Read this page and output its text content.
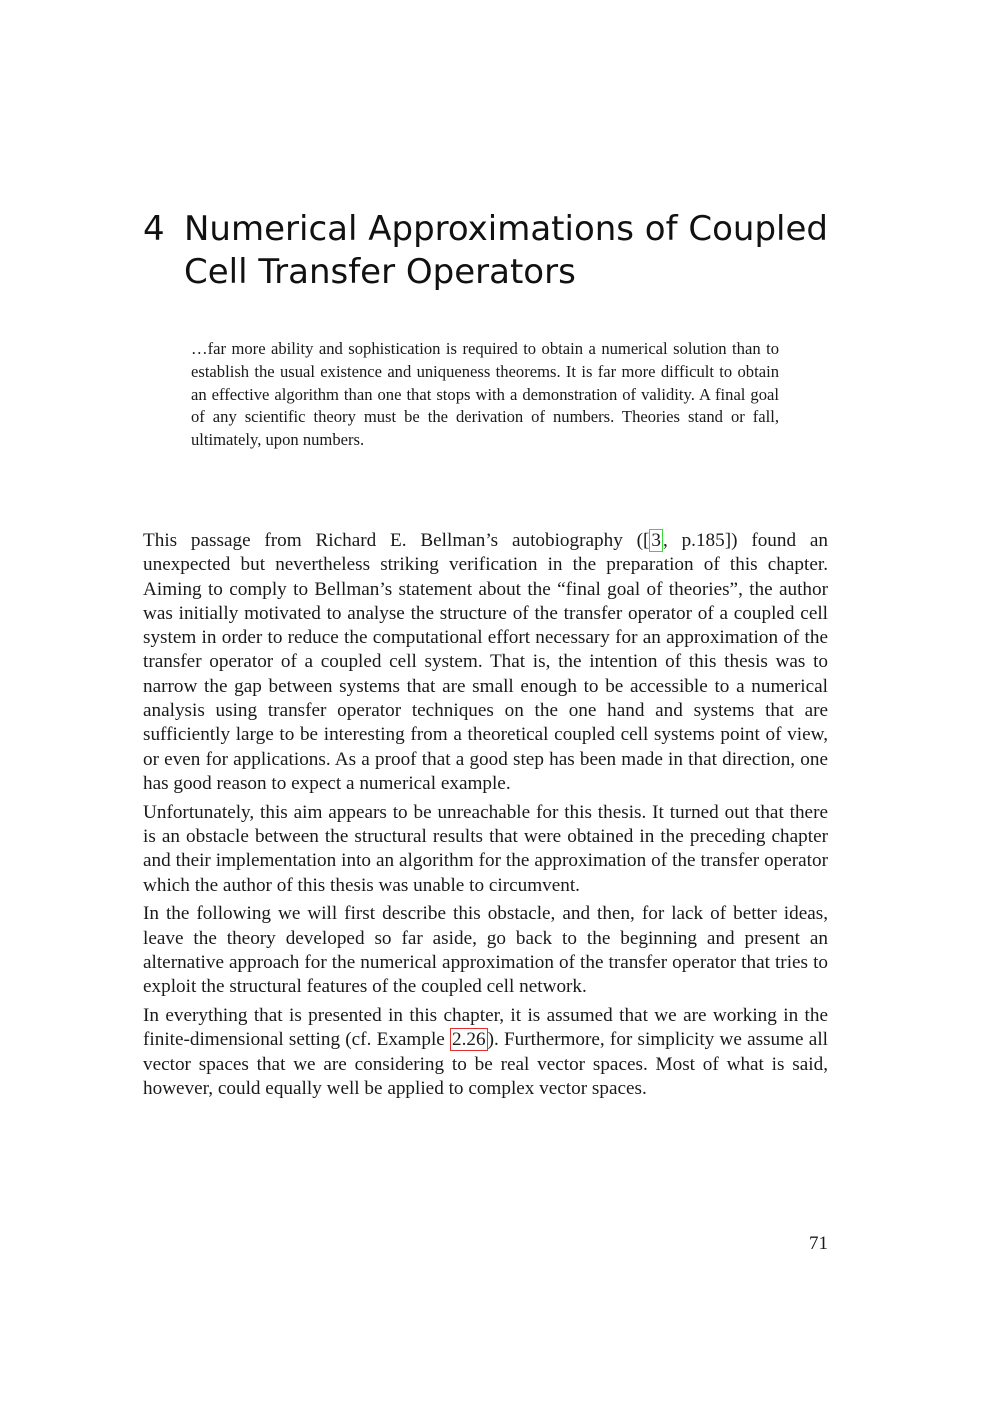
4 Numerical Approximations of Coupled Cell Transfer Operators
…far more ability and sophistication is required to obtain a numerical solution than to establish the usual existence and uniqueness theorems. It is far more difficult to obtain an effective algorithm than one that stops with a demonstration of validity. A final goal of any scientific theory must be the derivation of numbers. Theories stand or fall, ultimately, upon numbers.

This passage from Richard E. Bellman’s autobiography ([ 3 , p.185]) found an unexpected but nevertheless striking verification in the preparation of this chapter. Aiming to comply to Bellman’s statement about the “final goal of theories”, the author was initially motivated to analyse the structure of the transfer operator of a coupled cell system in order to reduce the computational effort necessary for an approximation of the transfer operator of a coupled cell system. That is, the intention of this thesis was to narrow the gap between systems that are small enough to be accessible to a numerical analysis using transfer operator techniques on the one hand and systems that are sufficiently large to be interesting from a theoretical coupled cell systems point of view, or even for applications. As a proof that a good step has been made in that direction, one has good reason to expect a numerical example.

Unfortunately, this aim appears to be unreachable for this thesis. It turned out that there is an obstacle between the structural results that were obtained in the preceding chapter and their implementation into an algorithm for the approximation of the transfer operator which the author of this thesis was unable to circumvent.

In the following we will first describe this obstacle, and then, for lack of better ideas, leave the theory developed so far aside, go back to the beginning and present an alternative approach for the numerical approximation of the transfer operator that tries to exploit the structural features of the coupled cell network.

In everything that is presented in this chapter, it is assumed that we are working in the finite-dimensional setting (cf. Example 2.26 ). Furthermore, for simplicity we assume all vector spaces that we are considering to be real vector spaces. Most of what is said, however, could equally well be applied to complex vector spaces.

71
